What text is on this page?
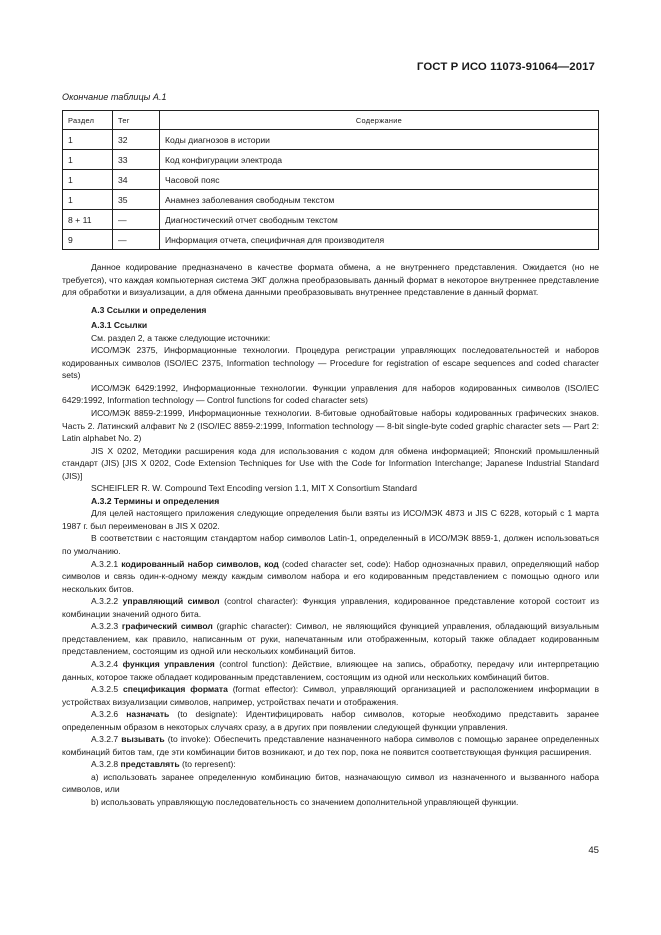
ГОСТ Р ИСО 11073-91064—2017
Окончание таблицы А.1
Раздел	Тег	Содержание
1	32	Коды диагнозов в истории
1	33	Код конфигурации электрода
1	34	Часовой пояс
1	35	Анамнез заболевания свободным текстом
8 + 11	—	Диагностический отчет свободным текстом
9	—	Информация отчета, специфичная для производителя

Данное кодирование предназначено в качестве формата обмена, а не внутреннего представления. Ожидается (но не требуется), что каждая компьютерная система ЭКГ должна преобразовывать данный формат в некоторое внутреннее представление для обработки и визуализации, а для обмена данными преобразовывать внутреннее представление в данный формат.

А.3 Ссылки и определения
А.3.1 Ссылки

См. раздел 2, а также следующие источники:

ИСО/МЭК 2375, Информационные технологии. Процедура регистрации управляющих последовательностей и наборов кодированных символов (ISO/IEC 2375, Information technology — Procedure for registration of escape sequences and coded character sets)

ИСО/МЭК 6429:1992, Информационные технологии. Функции управления для наборов кодированных символов (ISO/IEC 6429:1992, Information technology — Control functions for coded character sets)

ИСО/МЭК 8859-2:1999, Информационные технологии. 8-битовые однобайтовые наборы кодированных графических знаков. Часть 2. Латинский алфавит № 2 (ISO/IEC 8859-2:1999, Information technology — 8-bit single-byte coded graphic character sets — Part 2: Latin alphabet No. 2)

JIS X 0202, Методики расширения кода для использования с кодом для обмена информацией; Японский промышленный стандарт (JIS) [JIS X 0202, Code Extension Techniques for Use with the Code for Information Interchange; Japanese Industrial Standard (JIS)]

SCHEIFLER R. W. Compound Text Encoding version 1.1, MIT X Consortium Standard

А.3.2 Термины и определения

Для целей настоящего приложения следующие определения были взяты из ИСО/МЭК 4873 и JIS C 6228, который с 1 марта 1987 г. был переименован в JIS X 0202.

В соответствии с настоящим стандартом набор символов Latin-1, определенный в ИСО/МЭК 8859-1, должен использоваться по умолчанию.

А.3.2.1 кодированный набор символов, код (coded character set, code): Набор однозначных правил, определяющий набор символов и связь один-к-одному между каждым символом набора и его кодированным представлением с помощью одного или нескольких битов.

А.3.2.2 управляющий символ (control character): Функция управления, кодированное представление которой состоит из комбинации значений одного бита.

А.3.2.3 графический символ (graphic character): Символ, не являющийся функцией управления, обладающий визуальным представлением, как правило, написанным от руки, напечатанным или отображенным, который также обладает кодированным представлением, состоящим из одной или нескольких комбинаций битов.

А.3.2.4 функция управления (control function): Действие, влияющее на запись, обработку, передачу или интерпретацию данных, которое также обладает кодированным представлением, состоящим из одной или нескольких комбинаций битов.

А.3.2.5 спецификация формата (format effector): Символ, управляющий организацией и расположением информации в устройствах визуализации символов, например, устройствах печати и отображения.

А.3.2.6 назначать (to designate): Идентифицировать набор символов, которые необходимо представить заранее определенным образом в некоторых случаях сразу, а в других при появлении следующей функции управления.

А.3.2.7 вызывать (to invoke): Обеспечить представление назначенного набора символов с помощью заранее определенных комбинаций битов там, где эти комбинации битов возникают, и до тех пор, пока не появится соответствующая функция расширения.

А.3.2.8 представлять (to represent):

а) использовать заранее определенную комбинацию битов, назначающую символ из назначенного и вызванного набора символов, или

b) использовать управляющую последовательность со значением дополнительной управляющей функции.

45
